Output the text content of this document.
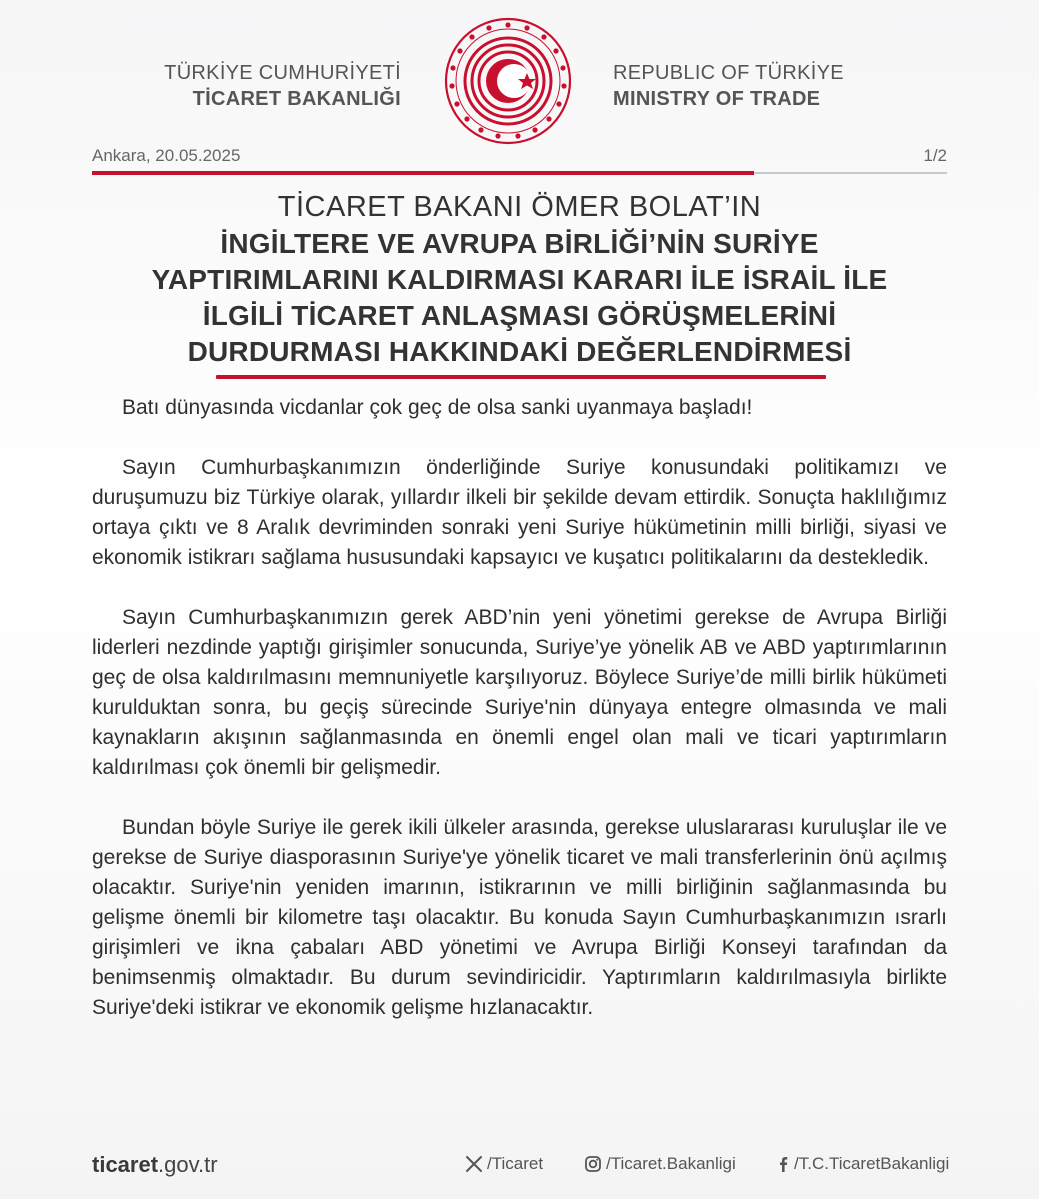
TÜRKİYE CUMHURİYETİ
TİCARET BAKANLIĞI
REPUBLIC OF TÜRKİYE
MINISTRY OF TRADE
Ankara, 20.05.2025	1/2
TİCARET BAKANI ÖMER BOLAT’IN
İNGİLTERE VE AVRUPA BİRLİĞİ’NİN SURİYE
YAPTIRIMLARINI KALDIRMASI KARARI İLE İSRAİL İLE
İLGİLİ TİCARET ANLAŞMASI GÖRÜŞMELERİNİ
DURDURMASI HAKKINDAKİ DEĞERLENDİRMESİ

Batı dünyasında vicdanlar çok geç de olsa sanki uyanmaya başladı!

Sayın Cumhurbaşkanımızın önderliğinde Suriye konusundaki politikamızı ve duruşumuzu biz Türkiye olarak, yıllardır ilkeli bir şekilde devam ettirdik. Sonuçta haklılığımız ortaya çıktı ve 8 Aralık devriminden sonraki yeni Suriye hükümetinin milli birliği, siyasi ve ekonomik istikrarı sağlama hususundaki kapsayıcı ve kuşatıcı politikalarını da destekledik.

Sayın Cumhurbaşkanımızın gerek ABD’nin yeni yönetimi gerekse de Avrupa Birliği liderleri nezdinde yaptığı girişimler sonucunda, Suriye’ye yönelik AB ve ABD yaptırımlarının geç de olsa kaldırılmasını memnuniyetle karşılıyoruz. Böylece Suriye’de milli birlik hükümeti kurulduktan sonra, bu geçiş sürecinde Suriye'nin dünyaya entegre olmasında ve mali kaynakların akışının sağlanmasında en önemli engel olan mali ve ticari yaptırımların kaldırılması çok önemli bir gelişmedir.

Bundan böyle Suriye ile gerek ikili ülkeler arasında, gerekse uluslararası kuruluşlar ile ve gerekse de Suriye diasporasının Suriye'ye yönelik ticaret ve mali transferlerinin önü açılmış olacaktır. Suriye'nin yeniden imarının, istikrarının ve milli birliğinin sağlanmasında bu gelişme önemli bir kilometre taşı olacaktır. Bu konuda Sayın Cumhurbaşkanımızın ısrarlı girişimleri ve ikna çabaları ABD yönetimi ve Avrupa Birliği Konseyi tarafından da benimsenmiş olmaktadır. Bu durum sevindiricidir. Yaptırımların kaldırılmasıyla birlikte Suriye'deki istikrar ve ekonomik gelişme hızlanacaktır.

ticaret.gov.tr	/Ticaret	/Ticaret.Bakanligi	/T.C.TicaretBakanligi
